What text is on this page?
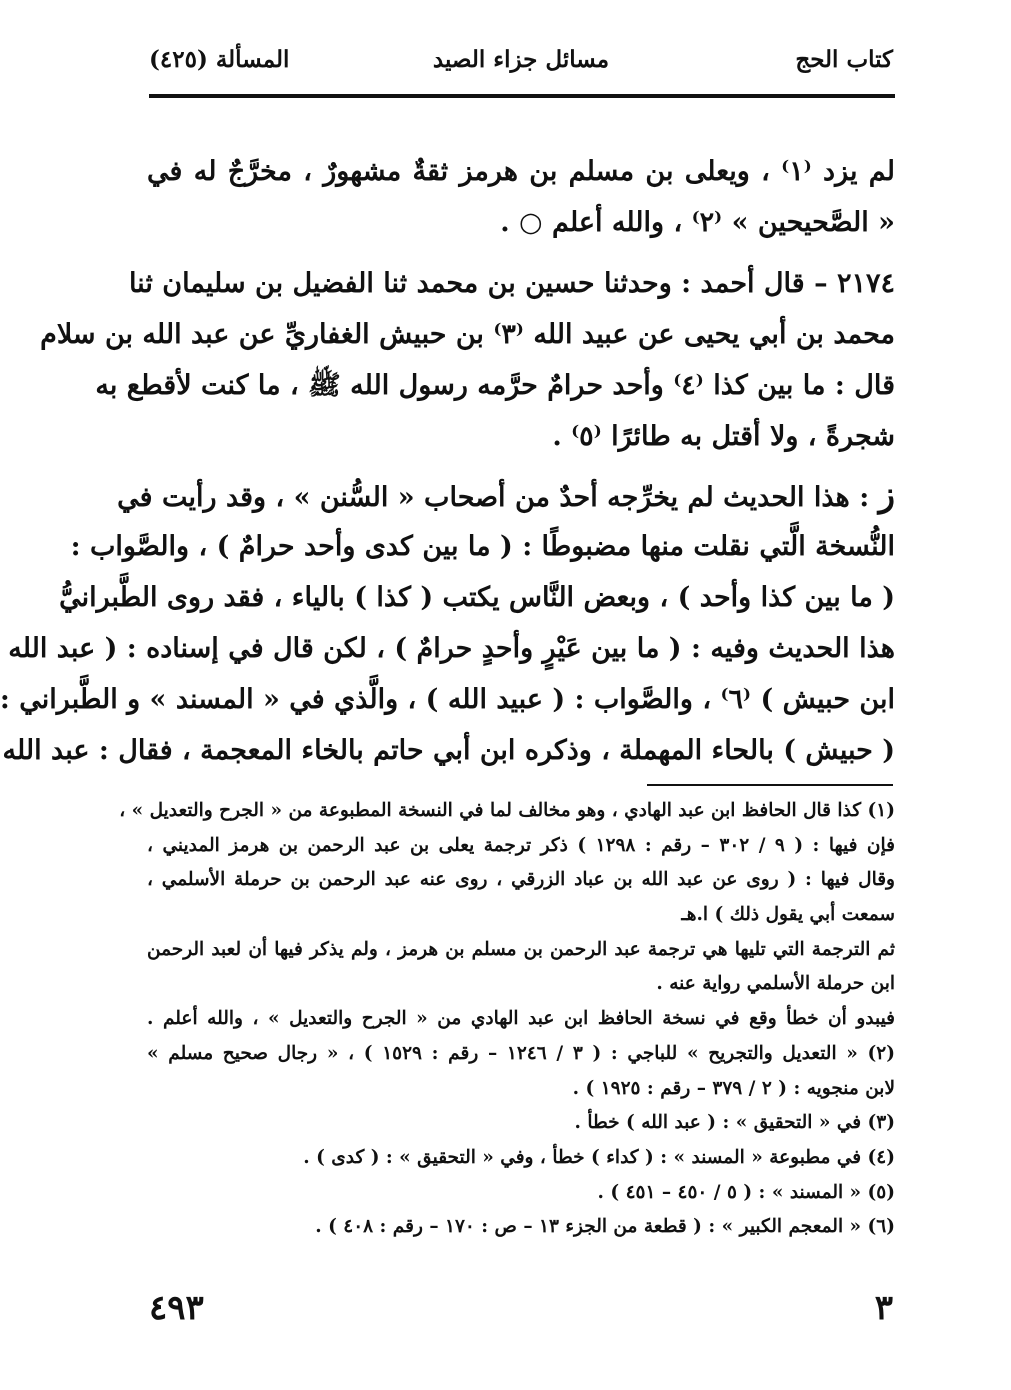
كتاب الحج
مسائل جزاء الصيد
المسألة (٤٢٥)
لم يزد ⁽١⁾ ، ويعلى بن مسلم بن هرمز ثقةٌ مشهورٌ ، مخرَّجٌ له في
« الصَّحيحين » ⁽٢⁾ ، والله أعلم ○ .
٢١٧٤ – قال أحمد : وحدثنا حسين بن محمد ثنا الفضيل بن سليمان ثنا
محمد بن أبي يحيى عن عبيد الله ⁽٣⁾ بن حبيش الغفاريِّ عن عبد الله بن سلام
قال : ما بين كذا ⁽٤⁾ وأحد حرامٌ حرَّمه رسول الله ﷺ ، ما كنت لأقطع به
شجرةً ، ولا أقتل به طائرًا ⁽٥⁾ .
ز : هذا الحديث لم يخرِّجه أحدٌ من أصحاب « السُّنن » ، وقد رأيت في
النُّسخة الَّتي نقلت منها مضبوطًا : ( ما بين كدى وأحد حرامٌ ) ، والصَّواب :
( ما بين كذا وأحد ) ، وبعض النَّاس يكتب ( كذا ) بالياء ، فقد روى الطَّبرانيُّ
هذا الحديث وفيه : ( ما بين عَيْرٍ وأحدٍ حرامٌ ) ، لكن قال في إسناده : ( عبد الله
ابن حبيش ) ⁽٦⁾ ، والصَّواب : ( عبيد الله ) ، والَّذي في « المسند » و الطَّبراني :
( حبيش ) بالحاء المهملة ، وذكره ابن أبي حاتم بالخاء المعجمة ، فقال : عبد الله
(١) كذا قال الحافظ ابن عبد الهادي ، وهو مخالف لما في النسخة المطبوعة من « الجرح والتعديل » ،
فإن فيها : ( ٩ / ٣٠٢ – رقم : ١٢٩٨ ) ذكر ترجمة يعلى بن عبد الرحمن بن هرمز المديني ،
وقال فيها : ( روى عن عبد الله بن عباد الزرقي ، روى عنه عبد الرحمن بن حرملة الأسلمي ،
سمعت أبي يقول ذلك ) ا.هـ
ثم الترجمة التي تليها هي ترجمة عبد الرحمن بن مسلم بن هرمز ، ولم يذكر فيها أن لعبد الرحمن
ابن حرملة الأسلمي رواية عنه .
فيبدو أن خطأ وقع في نسخة الحافظ ابن عبد الهادي من « الجرح والتعديل » ، والله أعلم .
(٢) « التعديل والتجريح » للباجي : ( ٣ / ١٢٤٦ – رقم : ١٥٢٩ ) ، « رجال صحيح مسلم »
لابن منجويه : ( ٢ / ٣٧٩ – رقم : ١٩٢٥ ) .
(٣) في « التحقيق » : ( عبد الله ) خطأ .
(٤) في مطبوعة « المسند » : ( كداء ) خطأ ، وفي « التحقيق » : ( كدى ) .
(٥) « المسند » : ( ٥ / ٤٥٠ – ٤٥١ ) .
(٦) « المعجم الكبير » : ( قطعة من الجزء ١٣ – ص : ١٧٠ – رقم : ٤٠٨ ) .
٣
٤٩٣
